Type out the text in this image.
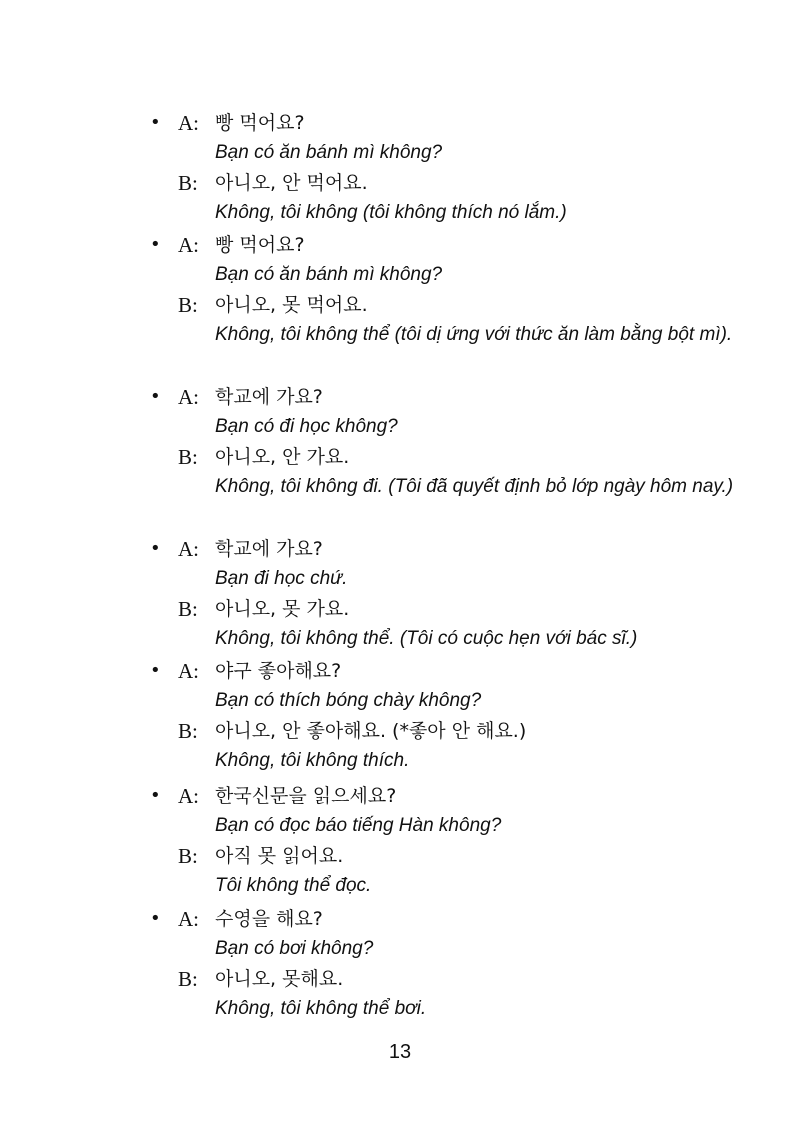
• A: 빵 먹어요?
Bạn có ăn bánh mì không?
B: 아니오, 안 먹어요.
Không, tôi không (tôi không thích nó lắm.)
• A: 빵 먹어요?
Bạn có ăn bánh mì không?
B: 아니오, 못 먹어요.
Không, tôi không thể (tôi dị ứng với thức ăn làm bằng bột mì).
• A: 학교에 가요?
Bạn có đi học không?
B: 아니오, 안 가요.
Không, tôi không đi. (Tôi đã quyết định bỏ lớp ngày hôm nay.)
• A: 학교에 가요?
Bạn đi học chứ.
B: 아니오, 못 가요.
Không, tôi không thể. (Tôi có cuộc hẹn với bác sĩ.)
• A: 야구 좋아해요?
Bạn có thích bóng chày không?
B: 아니오, 안 좋아해요. (*좋아 안 해요.)
Không, tôi không thích.
• A: 한국신문을 읽으세요?
Bạn có đọc báo tiếng Hàn không?
B: 아직 못 읽어요.
Tôi không thể đọc.
• A: 수영을 해요?
Bạn có bơi không?
B: 아니오, 못해요.
Không, tôi không thể bơi.
13
